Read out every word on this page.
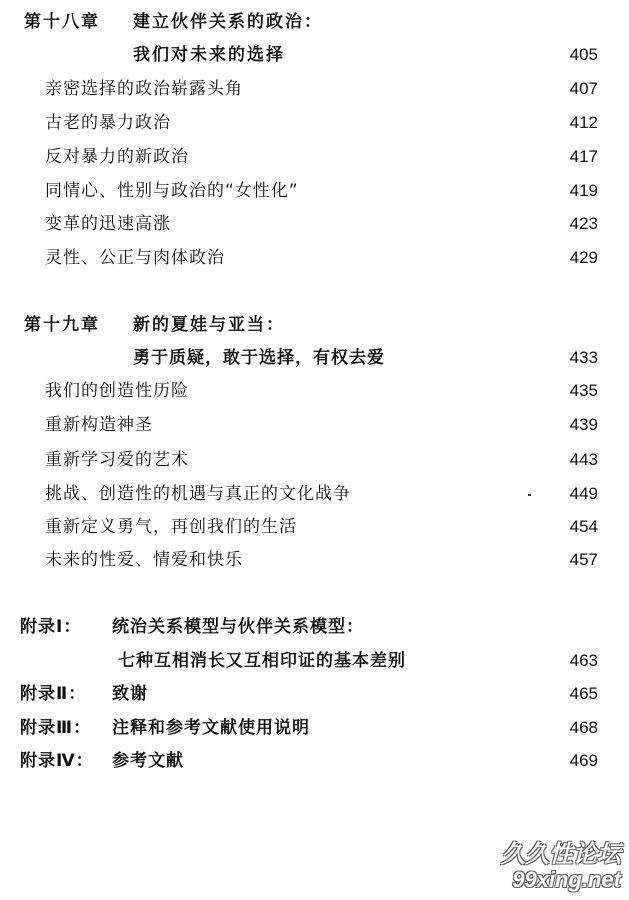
第十八章 建立伙伴关系的政治：
我们对未来的选择	405
亲密选择的政治崭露头角	407
古老的暴力政治	412
反对暴力的新政治	417
同情心、性别与政治的“女性化”	419
变革的迅速高涨	423
灵性、公正与肉体政治	429
第十九章 新的夏娃与亚当：
勇于质疑，敢于选择，有权去爱	433
我们的创造性历险	435
重新构造神圣	439
重新学习爱的艺术	443
挑战、创造性的机遇与真正的文化战争	449
重新定义勇气，再创我们的生活	454
未来的性爱、情爱和快乐	457
附录Ⅰ： 统治关系模型与伙伴关系模型：
七种互相消长又互相印证的基本差别	463
附录Ⅱ： 致谢	465
附录Ⅲ： 注释和参考文献使用说明	468
附录Ⅳ： 参考文献	469
久久性论坛
99xing.net
